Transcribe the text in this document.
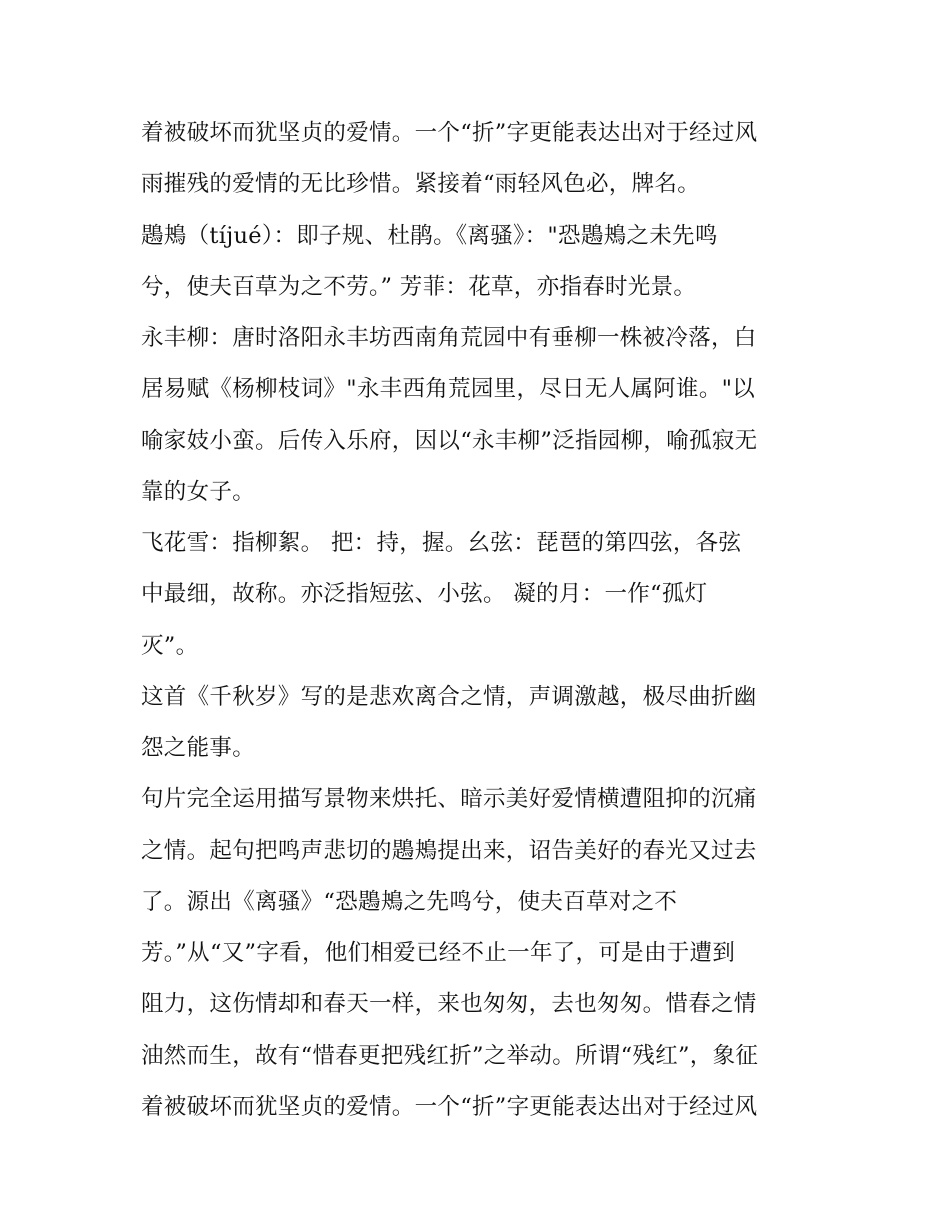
着被破坏而犹坚贞的爱情。一个“折”字更能表达出对于经过风
雨摧残的爱情的无比珍惜。紧接着“雨轻风色必，牌名。
鶗鴂（tíjué）：即子规、杜鹃。《离骚》："恐鶗鴂之未先鸣
兮，使夫百草为之不劳。” 芳菲：花草，亦指春时光景。
永丰柳：唐时洛阳永丰坊西南角荒园中有垂柳一株被冷落，白
居易赋《杨柳枝词》"永丰西角荒园里，尽日无人属阿谁。"以
喻家妓小蛮。后传入乐府，因以“永丰柳”泛指园柳，喻孤寂无
靠的女子。
飞花雪：指柳絮。 把：持，握。幺弦：琵琶的第四弦，各弦
中最细，故称。亦泛指短弦、小弦。 凝的月：一作“孤灯
灭”。
这首《千秋岁》写的是悲欢离合之情，声调激越，极尽曲折幽
怨之能事。
句片完全运用描写景物来烘托、暗示美好爱情横遭阻抑的沉痛
之情。起句把鸣声悲切的鶗鴂提出来，诏告美好的春光又过去
了。源出《离骚》“恐鶗鴂之先鸣兮，使夫百草对之不
芳。”从“又”字看，他们相爱已经不止一年了，可是由于遭到
阻力，这伤情却和春天一样，来也匆匆，去也匆匆。惜春之情
油然而生，故有“惜春更把残红折”之举动。所谓“残红”，象征
着被破坏而犹坚贞的爱情。一个“折”字更能表达出对于经过风
